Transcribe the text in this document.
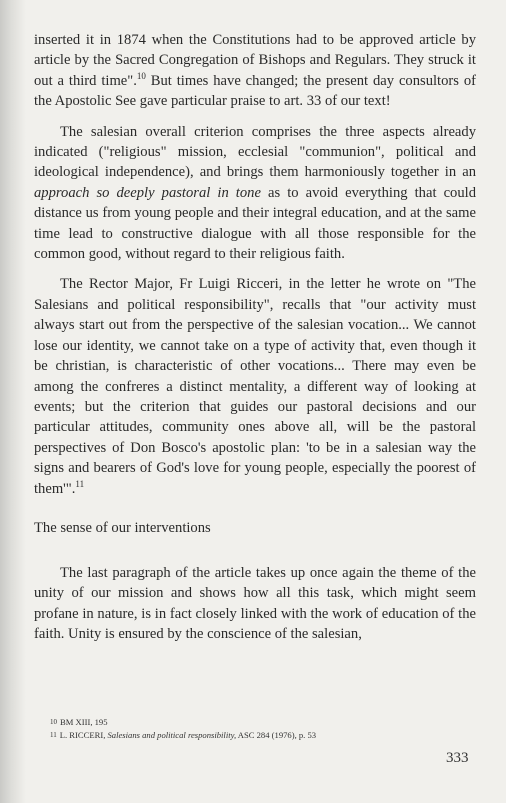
inserted it in 1874 when the Constitutions had to be approved article by article by the Sacred Congregation of Bishops and Regulars. They struck it out a third time".$^{10}$ But times have changed; the present day consultors of the Apostolic See gave particular praise to art. 33 of our text!

The salesian overall criterion comprises the three aspects already indicated ("religious" mission, ecclesial "communion", political and ideological independence), and brings them harmoniously together in an approach so deeply pastoral in tone as to avoid everything that could distance us from young people and their integral education, and at the same time lead to constructive dialogue with all those responsible for the common good, without regard to their religious faith.

The Rector Major, Fr Luigi Ricceri, in the letter he wrote on "The Salesians and political responsibility", recalls that "our activity must always start out from the perspective of the salesian vocation... We cannot lose our identity, we cannot take on a type of activity that, even though it be christian, is characteristic of other vocations... There may even be among the confreres a distinct mentality, a different way of looking at events; but the criterion that guides our pastoral decisions and our particular attitudes, community ones above all, will be the pastoral perspectives of Don Bosco's apostolic plan: 'to be in a salesian way the signs and bearers of God's love for young people, especially the poorest of them'".$^{11}$

The sense of our interventions

The last paragraph of the article takes up once again the theme of the unity of our mission and shows how all this task, which might seem profane in nature, is in fact closely linked with the work of education of the faith. Unity is ensured by the conscience of the salesian,

$^{10}$ BM XIII, 195

$^{11}$ L. RICCERI, Salesians and political responsibility, ASC 284 (1976), p. 53

333
